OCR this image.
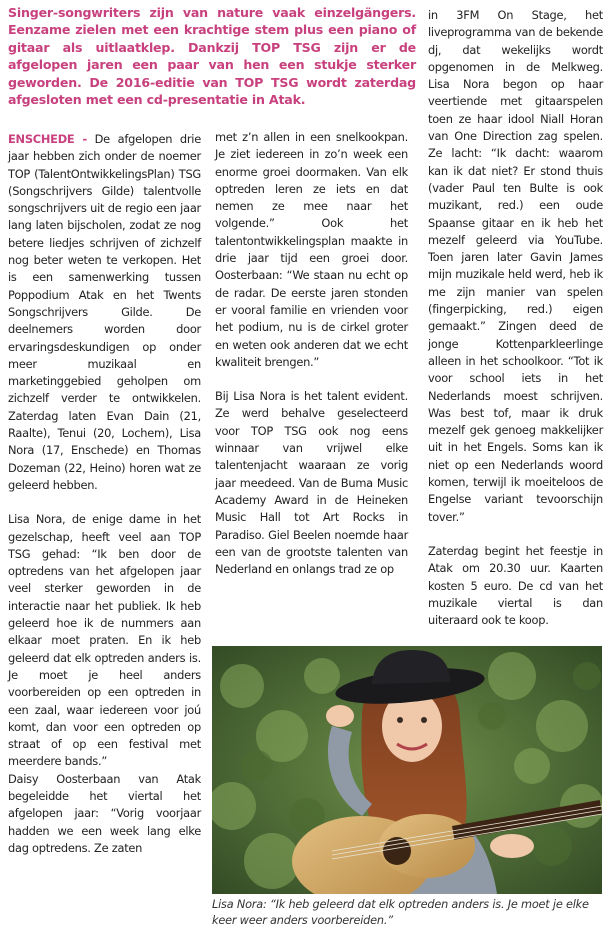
Singer-songwriters zijn van nature vaak einzelgängers. Eenzame zielen met een krachtige stem plus een piano of gitaar als uitlaatklep. Dankzij TOP TSG zijn er de afgelopen jaren een paar van hen een stukje sterker geworden. De 2016-editie van TOP TSG wordt zaterdag afgesloten met een cd-presentatie in Atak.

ENSCHEDE - De afgelopen drie jaar hebben zich onder de noemer TOP (TalentOntwikkelingsPlan) TSG (Songschrijvers Gilde) talentvolle songschrijvers uit de regio een jaar lang laten bijscholen, zodat ze nog betere liedjes schrijven of zichzelf nog beter weten te verkopen. Het is een samenwerking tussen Poppodium Atak en het Twents Songschrijvers Gilde. De deelnemers worden door ervaringsdeskundigen op onder meer muzikaal en marketinggebied geholpen om zichzelf verder te ontwikkelen. Zaterdag laten Evan Dain (21, Raalte), Tenui (20, Lochem), Lisa Nora (17, Enschede) en Thomas Dozeman (22, Heino) horen wat ze geleerd hebben.

Lisa Nora, de enige dame in het gezelschap, heeft veel aan TOP TSG gehad: “Ik ben door de optredens van het afgelopen jaar veel sterker geworden in de interactie naar het publiek. Ik heb geleerd hoe ik de nummers aan elkaar moet praten. En ik heb geleerd dat elk optreden anders is. Je moet je heel anders voorbereiden op een optreden in een zaal, waar iedereen voor joú komt, dan voor een optreden op straat of op een festival met meerdere bands.”

Daisy Oosterbaan van Atak begeleidde het viertal het afgelopen jaar: “Vorig voorjaar hadden we een week lang elke dag optredens. Ze zaten

met z’n allen in een snelkookpan. Je ziet iedereen in zo’n week een enorme groei doormaken. Van elk optreden leren ze iets en dat nemen ze mee naar het volgende.” Ook het talentontwikkelingsplan maakte in drie jaar tijd een groei door. Oosterbaan: “We staan nu echt op de radar. De eerste jaren stonden er vooral familie en vrienden voor het podium, nu is de cirkel groter en weten ook anderen dat we echt kwaliteit brengen.”

Bij Lisa Nora is het talent evident. Ze werd behalve geselecteerd voor TOP TSG ook nog eens winnaar van vrijwel elke talentenjacht waaraan ze vorig jaar meedeed. Van de Buma Music Academy Award in de Heineken Music Hall tot Art Rocks in Paradiso. Giel Beelen noemde haar een van de grootste talenten van Nederland en onlangs trad ze op

in 3FM On Stage, het liveprogramma van de bekende dj, dat wekelijks wordt opgenomen in de Melkweg. Lisa Nora begon op haar veertiende met gitaarspelen toen ze haar idool Niall Horan van One Direction zag spelen. Ze lacht: “Ik dacht: waarom kan ik dat niet? Er stond thuis (vader Paul ten Bulte is ook muzikant, red.) een oude Spaanse gitaar en ik heb het mezelf geleerd via YouTube. Toen jaren later Gavin James mijn muzikale held werd, heb ik me zijn manier van spelen (fingerpicking, red.) eigen gemaakt.” Zingen deed de jonge Kottenparkleerlinge alleen in het schoolkoor. “Tot ik voor school iets in het Nederlands moest schrijven. Was best tof, maar ik druk mezelf gek genoeg makkelijker uit in het Engels. Soms kan ik niet op een Nederlands woord komen, terwijl ik moeiteloos de Engelse variant tevoorschijn tover.”

Zaterdag begint het feestje in Atak om 20.30 uur. Kaarten kosten 5 euro. De cd van het muzikale viertal is dan uiteraard ook te koop.

Lisa Nora: “Ik heb geleerd dat elk optreden anders is. Je moet je elke keer weer anders voorbereiden.”
